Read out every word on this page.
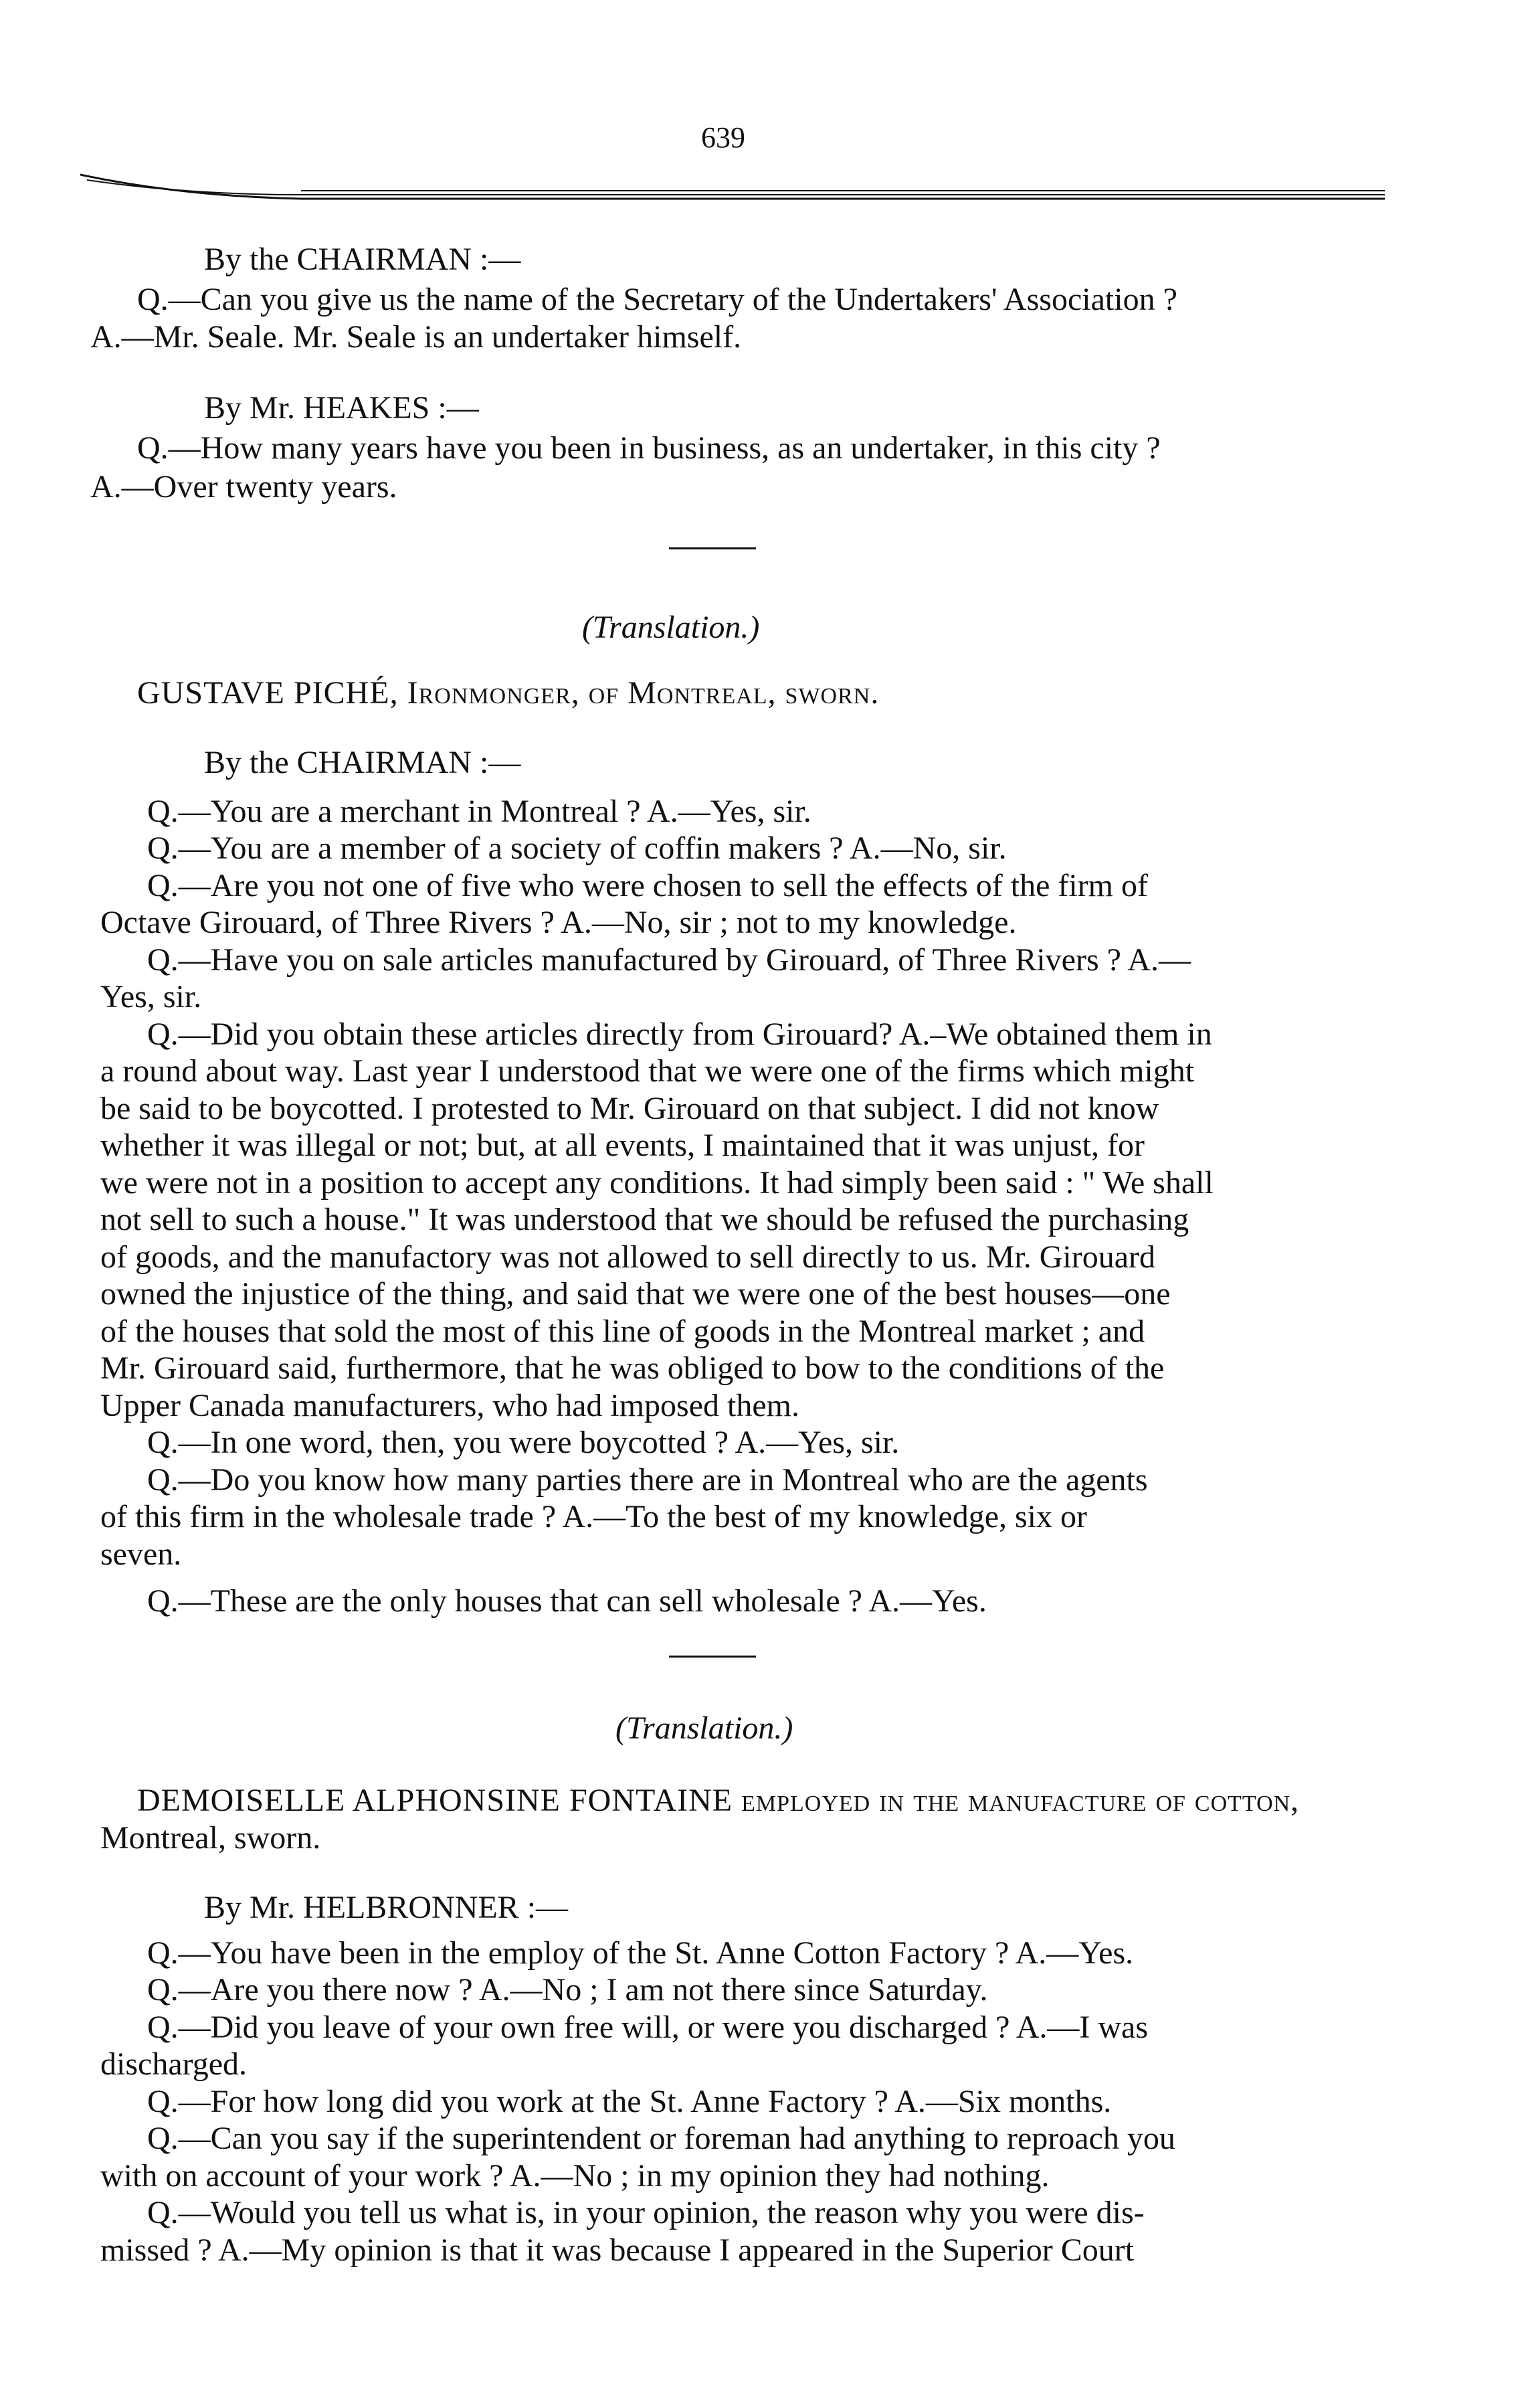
639
By the CHAIRMAN :—
Q.—Can you give us the name of the Secretary of the Undertakers' Association ?
A.—Mr. Seale. Mr. Seale is an undertaker himself.
By Mr. HEAKES :—
Q.—How many years have you been in business, as an undertaker, in this city ?
A.—Over twenty years.
(Translation.)
GUSTAVE PICHÉ, Ironmonger, of Montreal, sworn.
By the CHAIRMAN :—
Q.—You are a merchant in Montreal ? A.—Yes, sir.
Q.—You are a member of a society of coffin makers ? A.—No, sir.
Q.—Are you not one of five who were chosen to sell the effects of the firm of
Octave Girouard, of Three Rivers ? A.—No, sir ; not to my knowledge.
Q.—Have you on sale articles manufactured by Girouard, of Three Rivers ? A.—
Yes, sir.
Q.—Did you obtain these articles directly from Girouard? A.–We obtained them in
a round about way. Last year I understood that we were one of the firms which might
be said to be boycotted. I protested to Mr. Girouard on that subject. I did not know
whether it was illegal or not; but, at all events, I maintained that it was unjust, for
we were not in a position to accept any conditions. It had simply been said : " We shall
not sell to such a house." It was understood that we should be refused the purchasing
of goods, and the manufactory was not allowed to sell directly to us. Mr. Girouard
owned the injustice of the thing, and said that we were one of the best houses—one
of the houses that sold the most of this line of goods in the Montreal market ; and
Mr. Girouard said, furthermore, that he was obliged to bow to the conditions of the
Upper Canada manufacturers, who had imposed them.
Q.—In one word, then, you were boycotted ? A.—Yes, sir.
Q.—Do you know how many parties there are in Montreal who are the agents
of this firm in the wholesale trade ? A.—To the best of my knowledge, six or
seven.
Q.—These are the only houses that can sell wholesale ? A.—Yes.
(Translation.)
DEMOISELLE ALPHONSINE FONTAINE employed in the manufacture of cotton,
Montreal, sworn.
By Mr. HELBRONNER :—
Q.—You have been in the employ of the St. Anne Cotton Factory ? A.—Yes.
Q.—Are you there now ? A.—No ; I am not there since Saturday.
Q.—Did you leave of your own free will, or were you discharged ? A.—I was
discharged.
Q.—For how long did you work at the St. Anne Factory ? A.—Six months.
Q.—Can you say if the superintendent or foreman had anything to reproach you
with on account of your work ? A.—No ; in my opinion they had nothing.
Q.—Would you tell us what is, in your opinion, the reason why you were dis-
missed ? A.—My opinion is that it was because I appeared in the Superior Court
